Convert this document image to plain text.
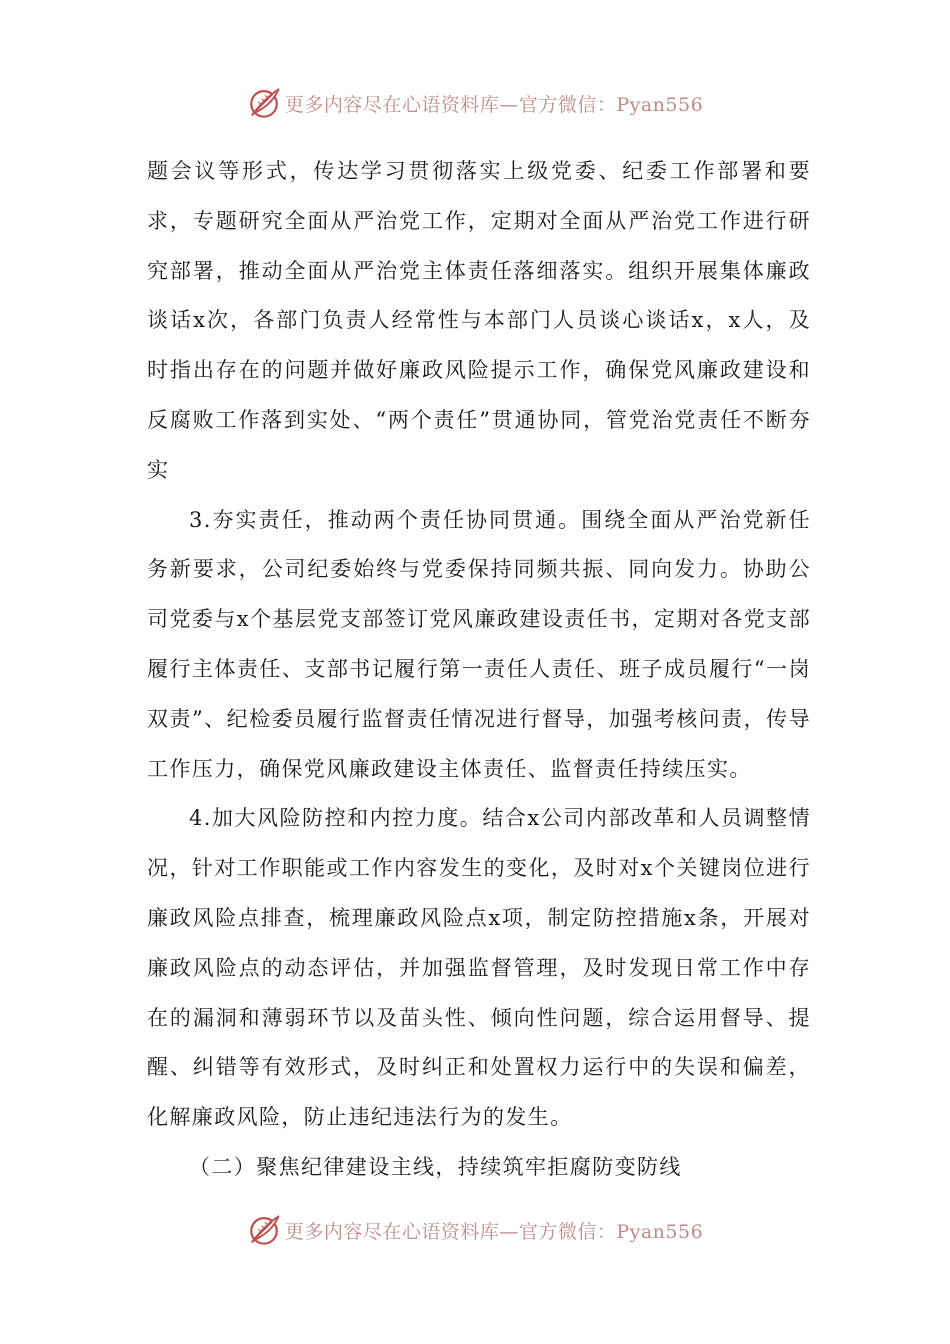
更多内容尽在心语资料库—官方微信：Pyan556

题会议等形式，传达学习贯彻落实上级党委、纪委工作部署和要求，专题研究全面从严治党工作，定期对全面从严治党工作进行研究部署，推动全面从严治党主体责任落细落实。组织开展集体廉政谈话x次，各部门负责人经常性与本部门人员谈心谈话x，x人，及时指出存在的问题并做好廉政风险提示工作，确保党风廉政建设和反腐败工作落到实处、“两个责任”贯通协同，管党治党责任不断夯实

3.夯实责任，推动两个责任协同贯通。围绕全面从严治党新任务新要求，公司纪委始终与党委保持同频共振、同向发力。协助公司党委与x个基层党支部签订党风廉政建设责任书，定期对各党支部履行主体责任、支部书记履行第一责任人责任、班子成员履行“一岗双责”、纪检委员履行监督责任情况进行督导，加强考核问责，传导工作压力，确保党风廉政建设主体责任、监督责任持续压实。

4.加大风险防控和内控力度。结合x公司内部改革和人员调整情况，针对工作职能或工作内容发生的变化，及时对x个关键岗位进行廉政风险点排查，梳理廉政风险点x项，制定防控措施x条，开展对廉政风险点的动态评估，并加强监督管理，及时发现日常工作中存在的漏洞和薄弱环节以及苗头性、倾向性问题，综合运用督导、提醒、纠错等有效形式，及时纠正和处置权力运行中的失误和偏差，化解廉政风险，防止违纪违法行为的发生。

（二）聚焦纪律建设主线，持续筑牢拒腐防变防线

更多内容尽在心语资料库—官方微信：Pyan556
